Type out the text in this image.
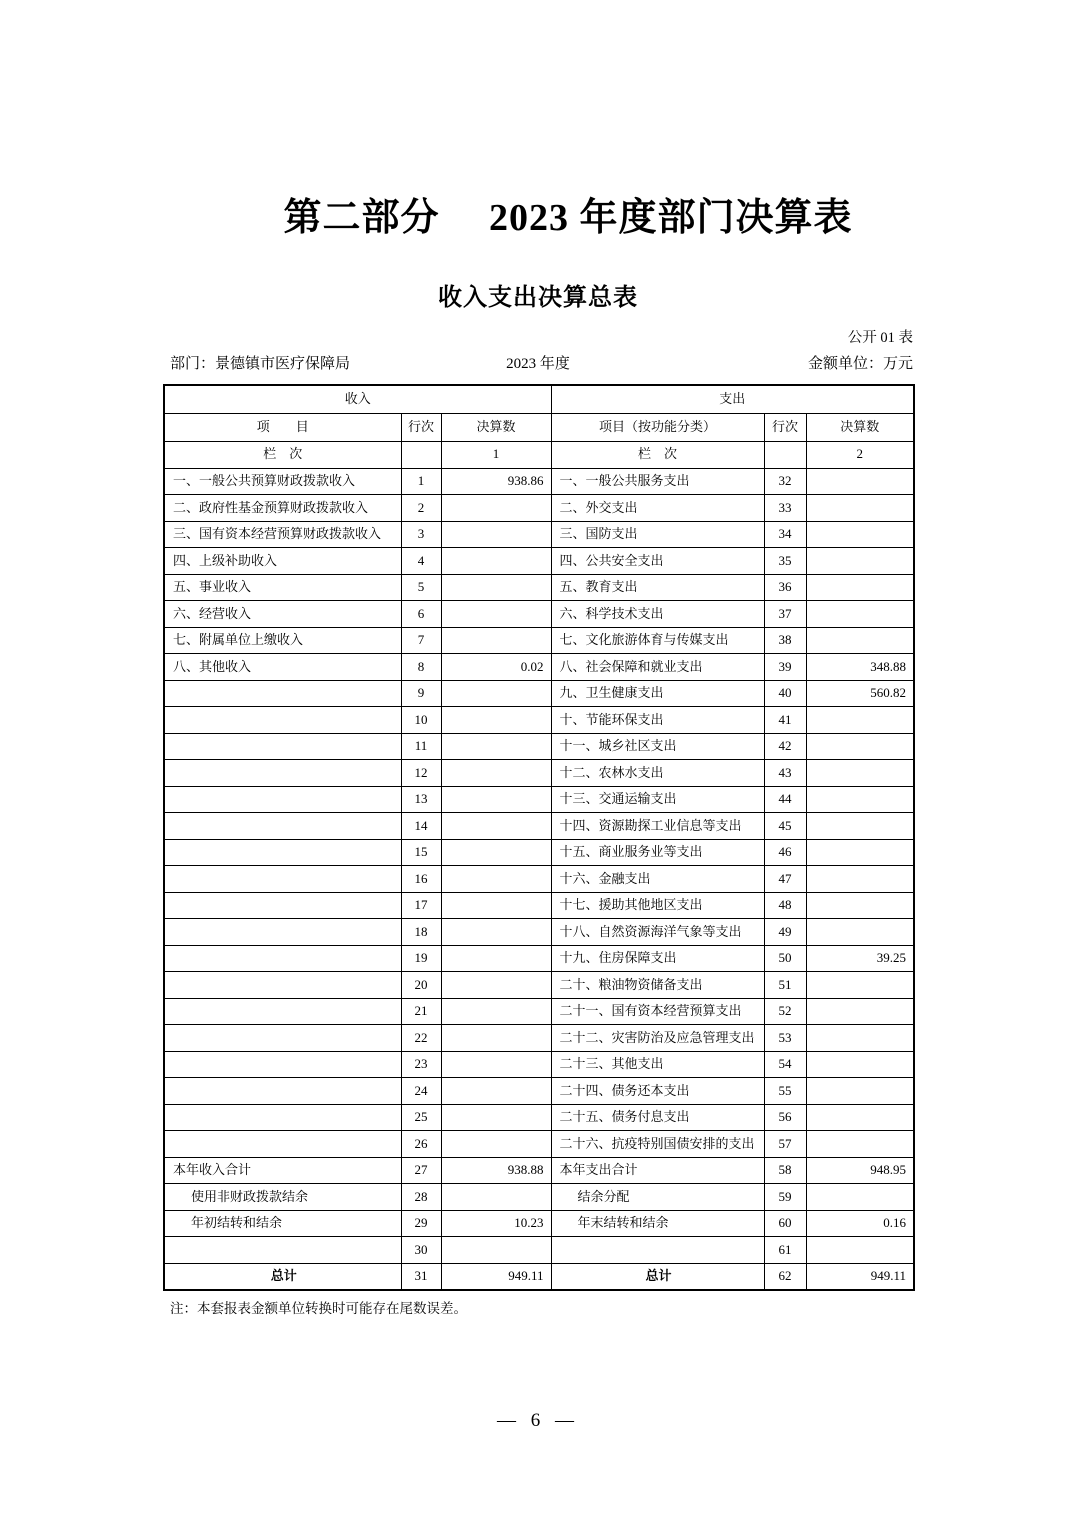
第二部分　 2023 年度部门决算表
收入支出决算总表
公开 01 表
部门：景德镇市医疗保障局	2023 年度	金额单位：万元
收入			支出		
项　　目	行次	决算数	项目（按功能分类）	行次	决算数
栏　次		1	栏　次		2
一、一般公共预算财政拨款收入	1	938.86	一、一般公共服务支出	32	
二、政府性基金预算财政拨款收入	2		二、外交支出	33	
三、国有资本经营预算财政拨款收入	3		三、国防支出	34	
四、上级补助收入	4		四、公共安全支出	35	
五、事业收入	5		五、教育支出	36	
六、经营收入	6		六、科学技术支出	37	
七、附属单位上缴收入	7		七、文化旅游体育与传媒支出	38	
八、其他收入	8	0.02	八、社会保障和就业支出	39	348.88
	9		九、卫生健康支出	40	560.82
	10		十、节能环保支出	41	
	11		十一、城乡社区支出	42	
	12		十二、农林水支出	43	
	13		十三、交通运输支出	44	
	14		十四、资源勘探工业信息等支出	45	
	15		十五、商业服务业等支出	46	
	16		十六、金融支出	47	
	17		十七、援助其他地区支出	48	
	18		十八、自然资源海洋气象等支出	49	
	19		十九、住房保障支出	50	39.25
	20		二十、粮油物资储备支出	51	
	21		二十一、国有资本经营预算支出	52	
	22		二十二、灾害防治及应急管理支出	53	
	23		二十三、其他支出	54	
	24		二十四、债务还本支出	55	
	25		二十五、债务付息支出	56	
	26		二十六、抗疫特别国债安排的支出	57	
本年收入合计	27	938.88	本年支出合计	58	948.95
使用非财政拨款结余	28		结余分配	59	
年初结转和结余	29	10.23	年末结转和结余	60	0.16
	30			61	
总计	31	949.11	总计	62	949.11
注：本套报表金额单位转换时可能存在尾数误差。
— 6 —
